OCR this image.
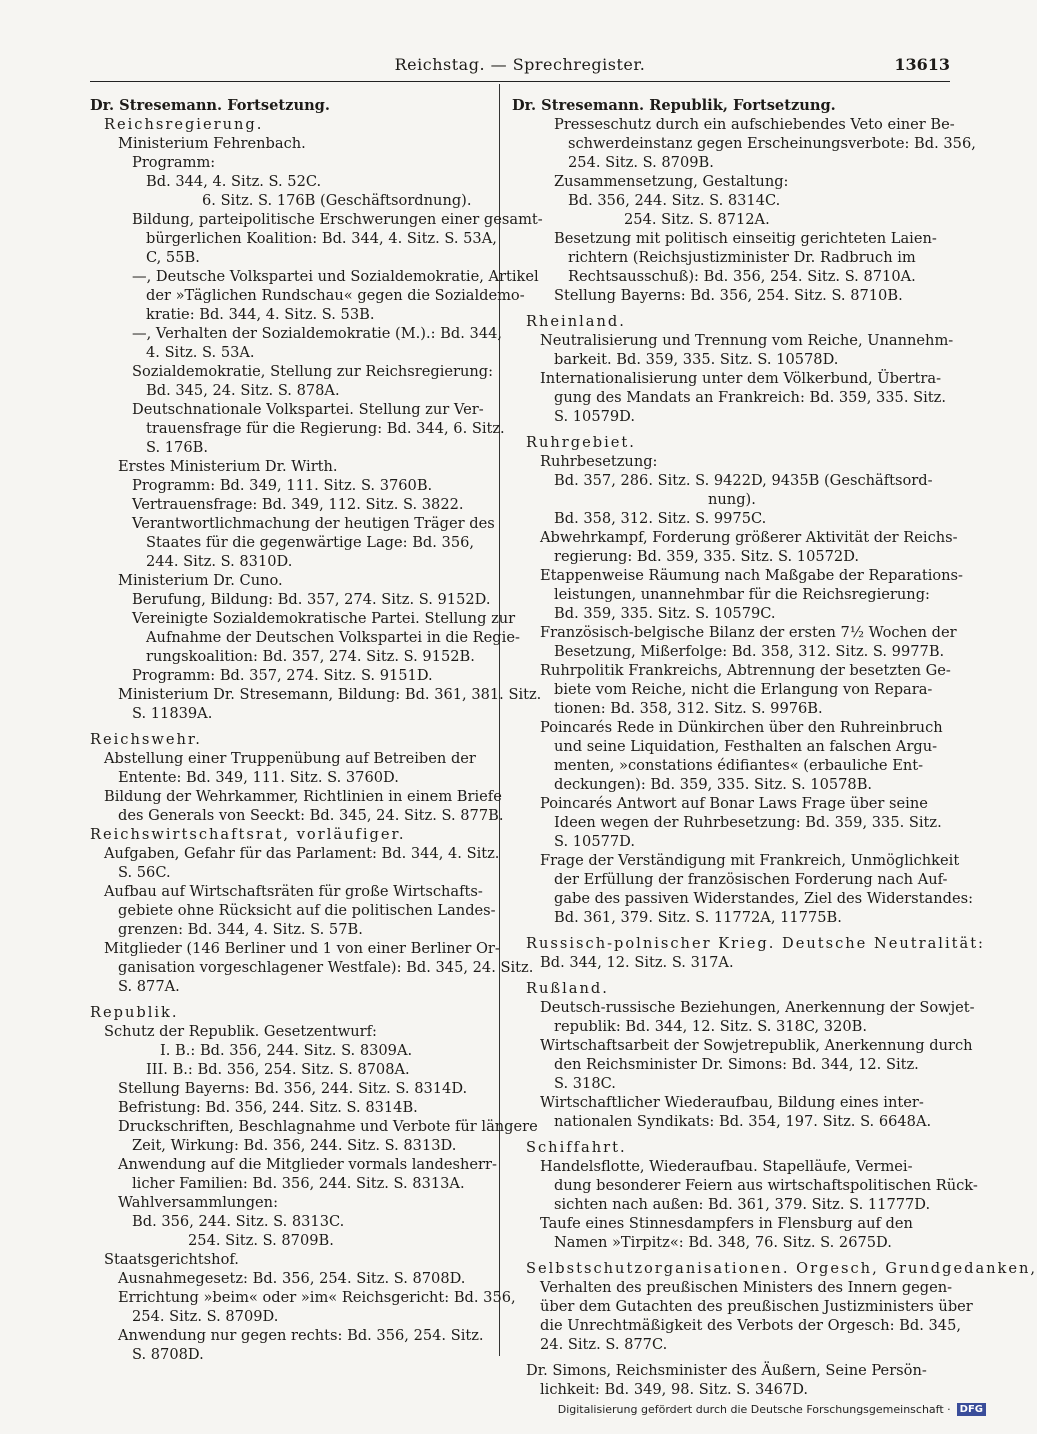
Reichstag. — Sprechregister.	13613
Dr. Stresemann. Fortsetzung.
Reichsregierung.
Ministerium Fehrenbach.
Programm:
Bd. 344, 4. Sitz. S. 52C.
6. Sitz. S. 176B (Geschäftsordnung).
Bildung, parteipolitische Erschwerungen einer gesamt-
bürgerlichen Koalition: Bd. 344, 4. Sitz. S. 53A,
C, 55B.
—, Deutsche Volkspartei und Sozialdemokratie, Artikel
der »Täglichen Rundschau« gegen die Sozialdemo-
kratie: Bd. 344, 4. Sitz. S. 53B.
—, Verhalten der Sozialdemokratie (M.).: Bd. 344,
4. Sitz. S. 53A.
Sozialdemokratie, Stellung zur Reichsregierung:
Bd. 345, 24. Sitz. S. 878A.
Deutschnationale Volkspartei. Stellung zur Ver-
trauensfrage für die Regierung: Bd. 344, 6. Sitz.
S. 176B.
Erstes Ministerium Dr. Wirth.
Programm: Bd. 349, 111. Sitz. S. 3760B.
Vertrauensfrage: Bd. 349, 112. Sitz. S. 3822.
Verantwortlichmachung der heutigen Träger des
Staates für die gegenwärtige Lage: Bd. 356,
244. Sitz. S. 8310D.
Ministerium Dr. Cuno.
Berufung, Bildung: Bd. 357, 274. Sitz. S. 9152D.
Vereinigte Sozialdemokratische Partei. Stellung zur
Aufnahme der Deutschen Volkspartei in die Regie-
rungskoalition: Bd. 357, 274. Sitz. S. 9152B.
Programm: Bd. 357, 274. Sitz. S. 9151D.
Ministerium Dr. Stresemann, Bildung: Bd. 361, 381. Sitz.
S. 11839A.
Reichswehr.
Abstellung einer Truppenübung auf Betreiben der
Entente: Bd. 349, 111. Sitz. S. 3760D.
Bildung der Wehrkammer, Richtlinien in einem Briefe
des Generals von Seeckt: Bd. 345, 24. Sitz. S. 877B.
Reichswirtschaftsrat, vorläufiger.
Aufgaben, Gefahr für das Parlament: Bd. 344, 4. Sitz.
S. 56C.
Aufbau auf Wirtschaftsräten für große Wirtschafts-
gebiete ohne Rücksicht auf die politischen Landes-
grenzen: Bd. 344, 4. Sitz. S. 57B.
Mitglieder (146 Berliner und 1 von einer Berliner Or-
ganisation vorgeschlagener Westfale): Bd. 345, 24. Sitz.
S. 877A.
Republik.
Schutz der Republik. Gesetzentwurf:
I. B.: Bd. 356, 244. Sitz. S. 8309A.
III. B.: Bd. 356, 254. Sitz. S. 8708A.
Stellung Bayerns: Bd. 356, 244. Sitz. S. 8314D.
Befristung: Bd. 356, 244. Sitz. S. 8314B.
Druckschriften, Beschlagnahme und Verbote für längere
Zeit, Wirkung: Bd. 356, 244. Sitz. S. 8313D.
Anwendung auf die Mitglieder vormals landesherr-
licher Familien: Bd. 356, 244. Sitz. S. 8313A.
Wahlversammlungen:
Bd. 356, 244. Sitz. S. 8313C.
254. Sitz. S. 8709B.
Staatsgerichtshof.
Ausnahmegesetz: Bd. 356, 254. Sitz. S. 8708D.
Errichtung »beim« oder »im« Reichsgericht: Bd. 356,
254. Sitz. S. 8709D.
Anwendung nur gegen rechts: Bd. 356, 254. Sitz.
S. 8708D.
Dr. Stresemann. Republik, Fortsetzung.
Presseschutz durch ein aufschiebendes Veto einer Be-
schwerdeinstanz gegen Erscheinungsverbote: Bd. 356,
254. Sitz. S. 8709B.
Zusammensetzung, Gestaltung:
Bd. 356, 244. Sitz. S. 8314C.
254. Sitz. S. 8712A.
Besetzung mit politisch einseitig gerichteten Laien-
richtern (Reichsjustizminister Dr. Radbruch im
Rechtsausschuß): Bd. 356, 254. Sitz. S. 8710A.
Stellung Bayerns: Bd. 356, 254. Sitz. S. 8710B.
Rheinland.
Neutralisierung und Trennung vom Reiche, Unannehm-
barkeit. Bd. 359, 335. Sitz. S. 10578D.
Internationalisierung unter dem Völkerbund, Übertra-
gung des Mandats an Frankreich: Bd. 359, 335. Sitz.
S. 10579D.
Ruhrgebiet.
Ruhrbesetzung:
Bd. 357, 286. Sitz. S. 9422D, 9435B (Geschäftsord-
nung).
Bd. 358, 312. Sitz. S. 9975C.
Abwehrkampf, Forderung größerer Aktivität der Reichs-
regierung: Bd. 359, 335. Sitz. S. 10572D.
Etappenweise Räumung nach Maßgabe der Reparations-
leistungen, unannehmbar für die Reichsregierung:
Bd. 359, 335. Sitz. S. 10579C.
Französisch-belgische Bilanz der ersten 7½ Wochen der
Besetzung, Mißerfolge: Bd. 358, 312. Sitz. S. 9977B.
Ruhrpolitik Frankreichs, Abtrennung der besetzten Ge-
biete vom Reiche, nicht die Erlangung von Repara-
tionen: Bd. 358, 312. Sitz. S. 9976B.
Poincarés Rede in Dünkirchen über den Ruhreinbruch
und seine Liquidation, Festhalten an falschen Argu-
menten, »constations édifiantes« (erbauliche Ent-
deckungen): Bd. 359, 335. Sitz. S. 10578B.
Poincarés Antwort auf Bonar Laws Frage über seine
Ideen wegen der Ruhrbesetzung: Bd. 359, 335. Sitz.
S. 10577D.
Frage der Verständigung mit Frankreich, Unmöglichkeit
der Erfüllung der französischen Forderung nach Auf-
gabe des passiven Widerstandes, Ziel des Widerstandes:
Bd. 361, 379. Sitz. S. 11772A, 11775B.
Russisch-polnischer Krieg. Deutsche Neutralität:
Bd. 344, 12. Sitz. S. 317A.
Rußland.
Deutsch-russische Beziehungen, Anerkennung der Sowjet-
republik: Bd. 344, 12. Sitz. S. 318C, 320B.
Wirtschaftsarbeit der Sowjetrepublik, Anerkennung durch
den Reichsminister Dr. Simons: Bd. 344, 12. Sitz.
S. 318C.
Wirtschaftlicher Wiederaufbau, Bildung eines inter-
nationalen Syndikats: Bd. 354, 197. Sitz. S. 6648A.
Schiffahrt.
Handelsflotte, Wiederaufbau. Stapelläufe, Vermei-
dung besonderer Feiern aus wirtschaftspolitischen Rück-
sichten nach außen: Bd. 361, 379. Sitz. S. 11777D.
Taufe eines Stinnesdampfers in Flensburg auf den
Namen »Tirpitz«: Bd. 348, 76. Sitz. S. 2675D.
Selbstschutzorganisationen. Orgesch, Grundgedanken,
Verhalten des preußischen Ministers des Innern gegen-
über dem Gutachten des preußischen Justizministers über
die Unrechtmäßigkeit des Verbots der Orgesch: Bd. 345,
24. Sitz. S. 877C.
Dr. Simons, Reichsminister des Äußern, Seine Persön-
lichkeit: Bd. 349, 98. Sitz. S. 3467D.
Digitalisierung gefördert durch die Deutsche Forschungsgemeinschaft · DFG
